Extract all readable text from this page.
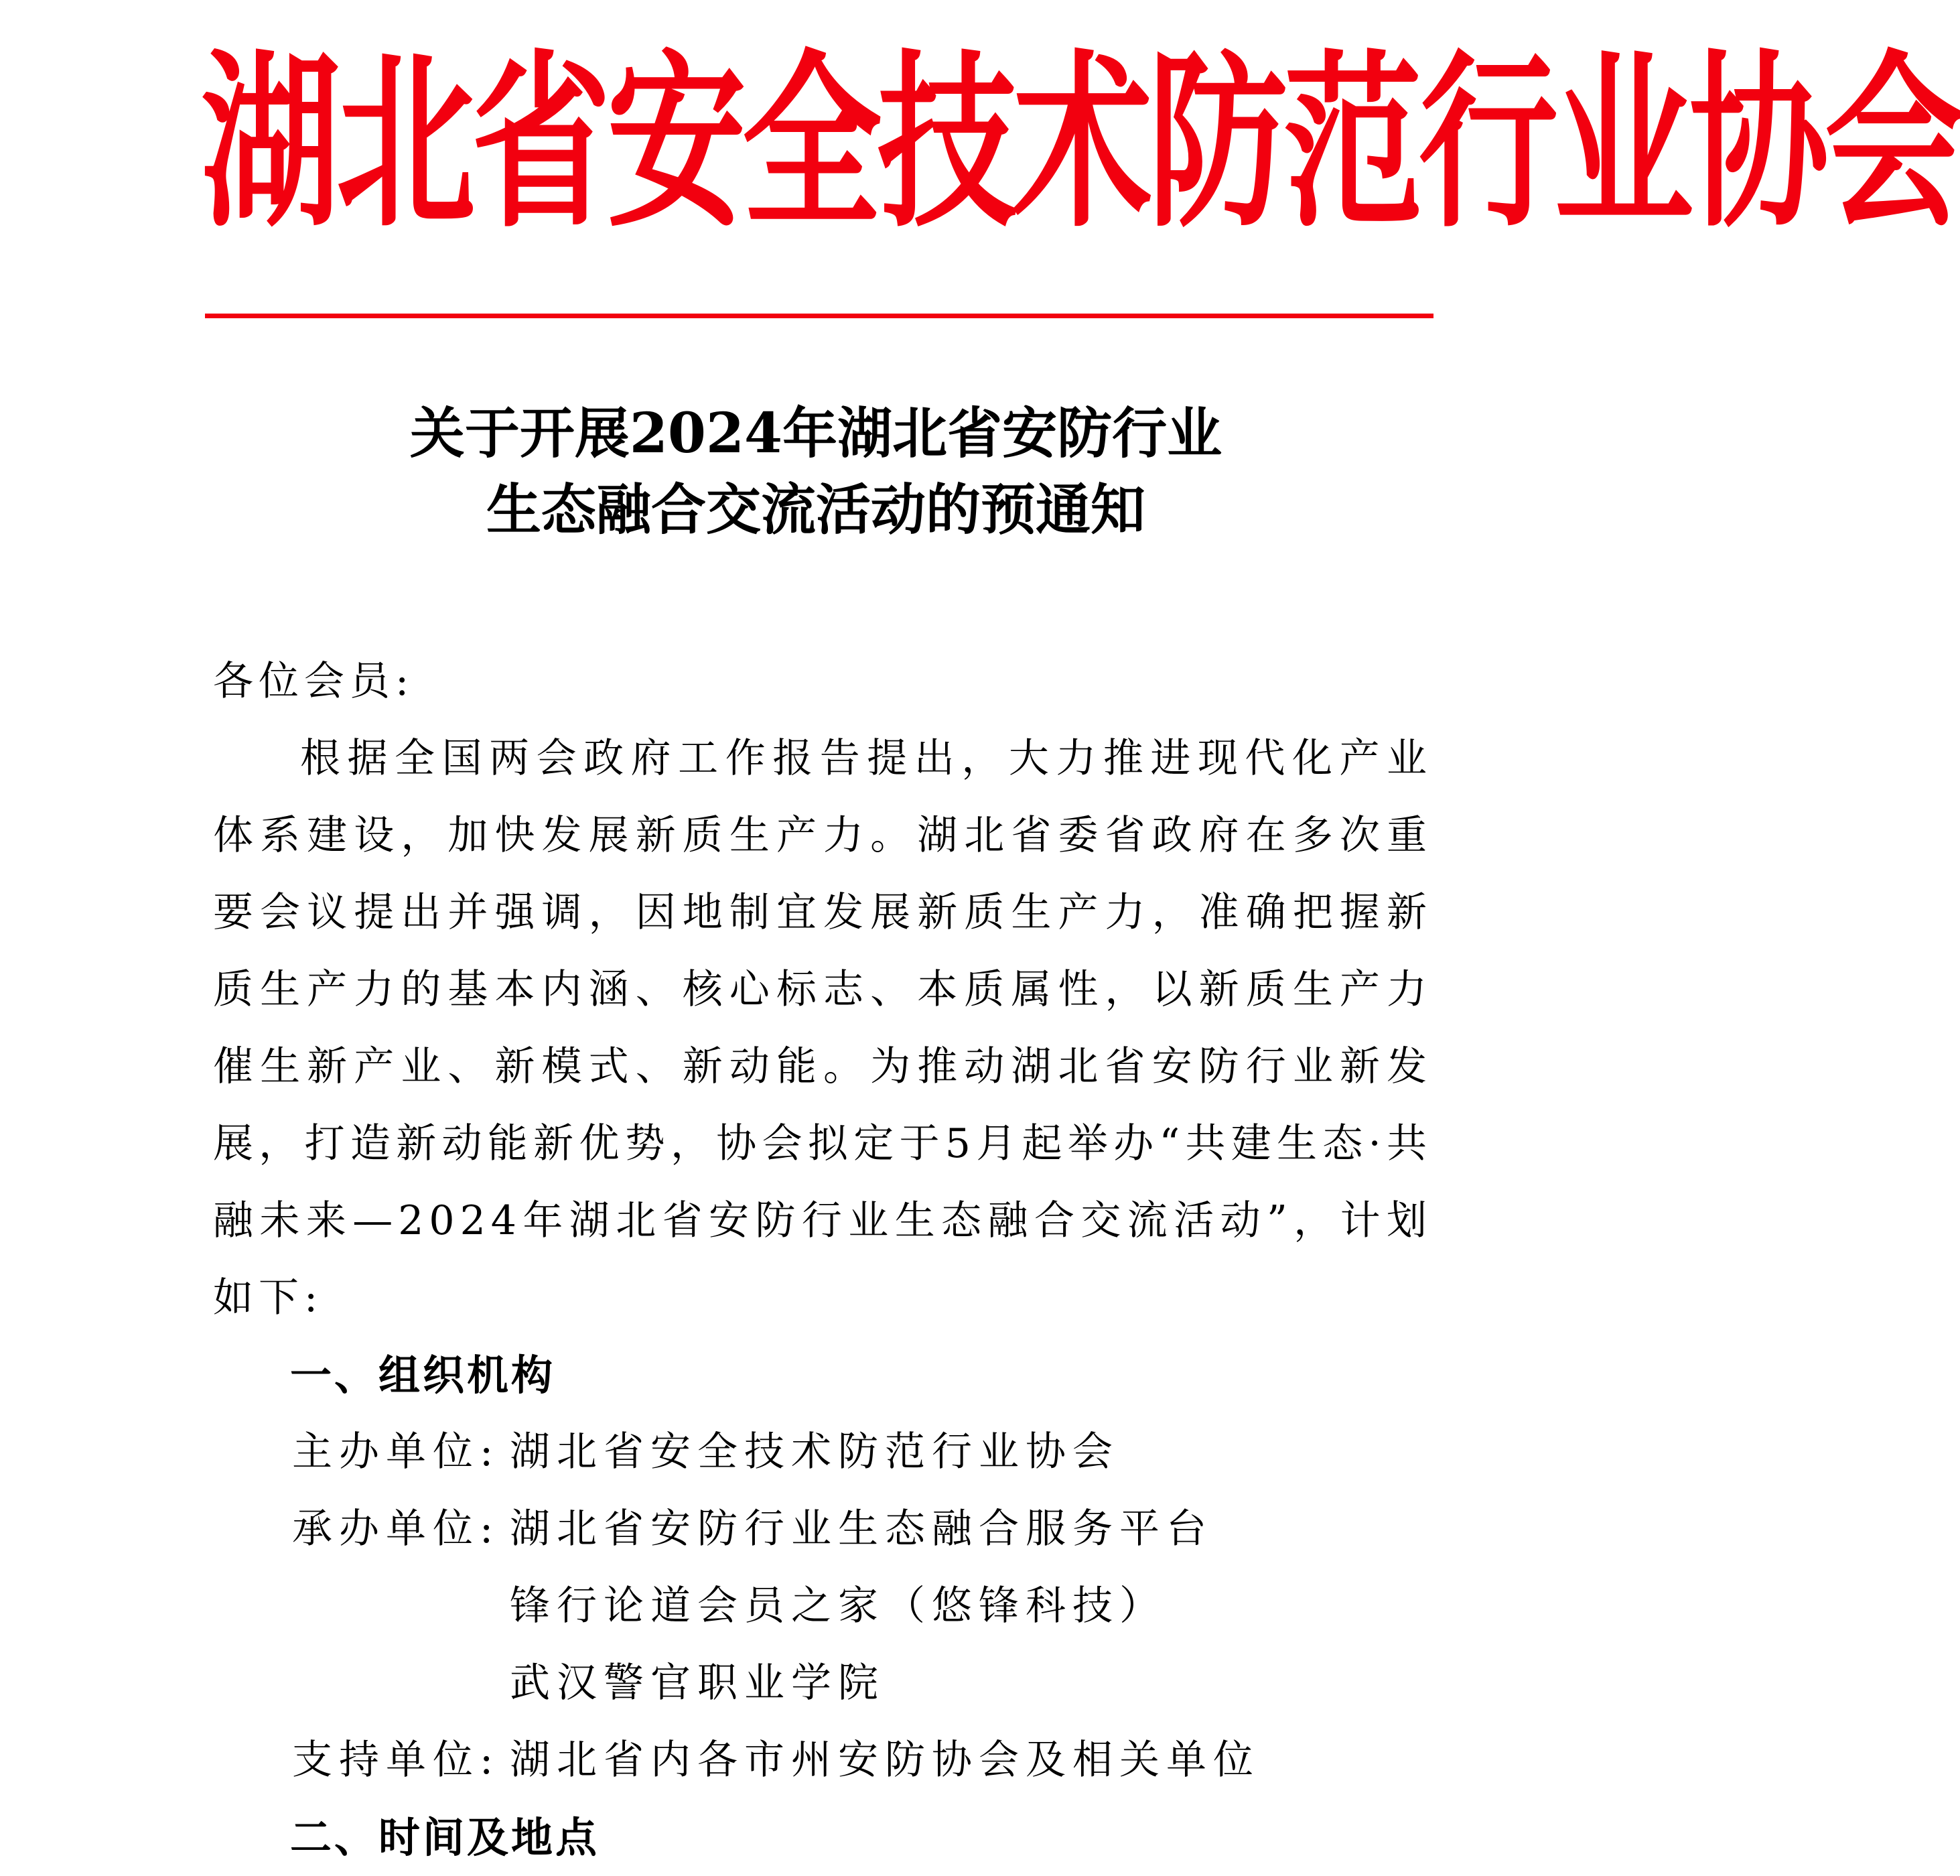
湖北省安全技术防范行业协会
关于开展2024年湖北省安防行业
生态融合交流活动的预通知

各位会员:

根据全国两会政府工作报告提出，大力推进现代化产业体系建设，加快发展新质生产力。湖北省委省政府在多次重要会议提出并强调，因地制宜发展新质生产力，准确把握新质生产力的基本内涵、核心标志、本质属性，以新质生产力催生新产业、新模式、新动能。为推动湖北省安防行业新发展，打造新动能新优势，协会拟定于5月起举办“共建生态·共融未来—2024年湖北省安防行业生态融合交流活动”，计划如下:

一、组织机构

主办单位: 湖北省安全技术防范行业协会
承办单位: 湖北省安防行业生态融合服务平台
锋行论道会员之家（悠锋科技）
武汉警官职业学院
支持单位: 湖北省内各市州安防协会及相关单位

二、时间及地点
